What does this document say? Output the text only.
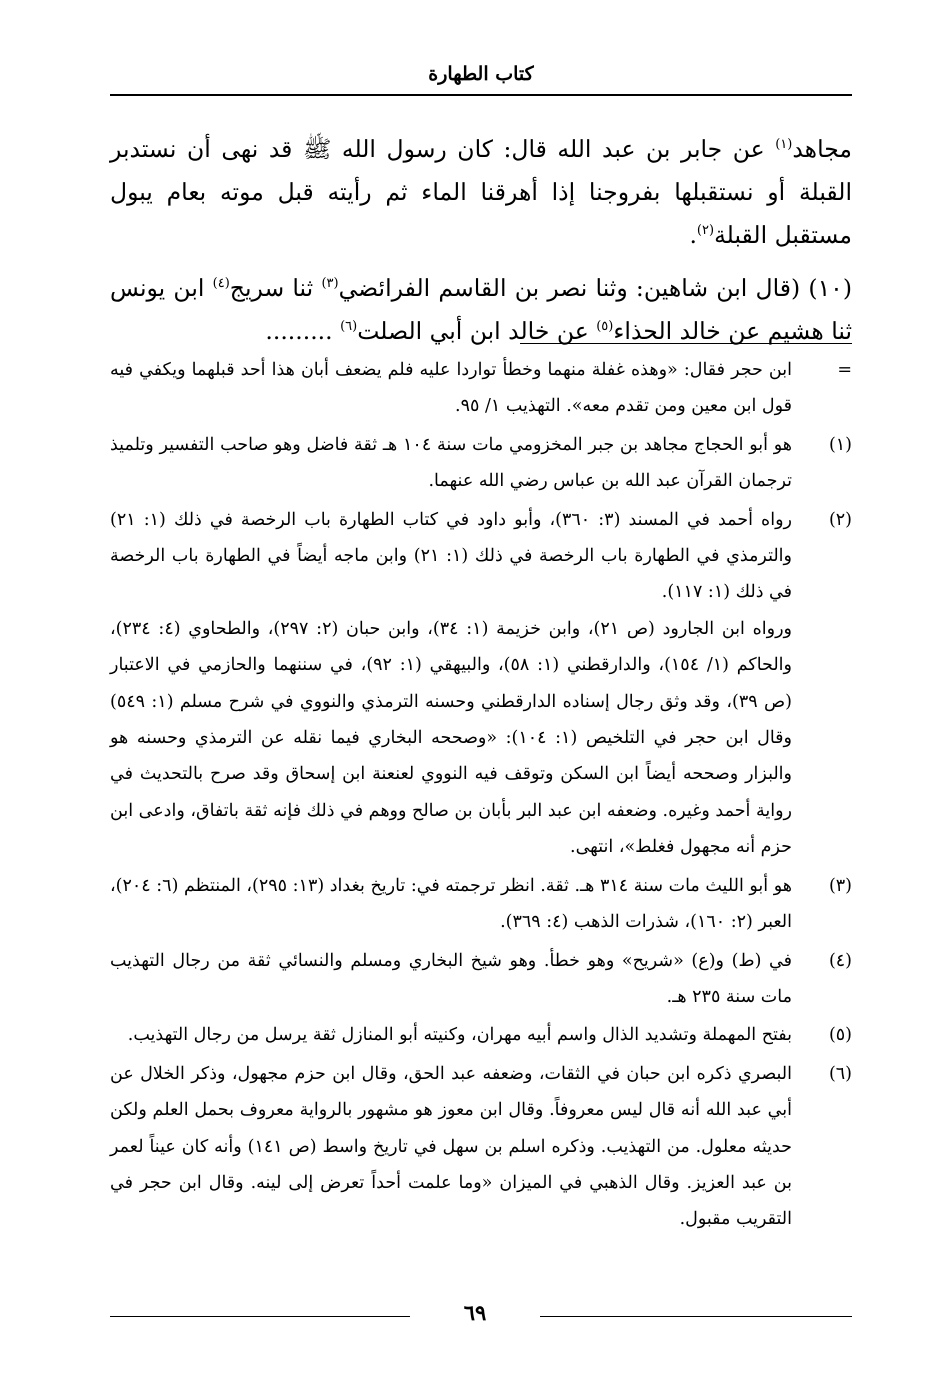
كتاب الطهارة

مجاهد$^{(١)}$ عن جابر بن عبد الله قال: كان رسول الله ﷺ قد نهى أن نستدبر القبلة أو نستقبلها بفروجنا إذا أهرقنا الماء ثم رأيته قبل موته بعام يبول مستقبل القبلة$^{(٢)}$.

(١٠) (قال ابن شاهين: وثنا نصر بن القاسم الفرائضي$^{(٣)}$ ثنا سريج$^{(٤)}$ ابن يونس ثنا هشيم عن خالد الحذاء$^{(٥)}$ عن خالد ابن أبي الصلت$^{(٦)}$ .........

=

ابن حجر فقال: «وهذه غفلة منهما وخطأ تواردا عليه فلم يضعف أبان هذا أحد قبلهما ويكفي فيه قول ابن معين ومن تقدم معه». التهذيب ١/ ٩٥.

(١)

هو أبو الحجاج مجاهد بن جبر المخزومي مات سنة ١٠٤ هـ ثقة فاضل وهو صاحب التفسير وتلميذ ترجمان القرآن عبد الله بن عباس رضي الله عنهما.

(٢)

رواه أحمد في المسند (٣: ٣٦٠)، وأبو داود في كتاب الطهارة باب الرخصة في ذلك (١: ٢١) والترمذي في الطهارة باب الرخصة في ذلك (١: ٢١) وابن ماجه أيضاً في الطهارة باب الرخصة في ذلك (١: ١١٧).

ورواه ابن الجارود (ص ٢١)، وابن خزيمة (١: ٣٤)، وابن حبان (٢: ٢٩٧)، والطحاوي (٤: ٢٣٤)، والحاكم (١/ ١٥٤)، والدارقطني (١: ٥٨)، والبيهقي (١: ٩٢)، في سننهما والحازمي في الاعتبار (ص ٣٩)، وقد وثق رجال إسناده الدارقطني وحسنه الترمذي والنووي في شرح مسلم (١: ٥٤٩) وقال ابن حجر في التلخيص (١: ١٠٤): «وصححه البخاري فيما نقله عن الترمذي وحسنه هو والبزار وصححه أيضاً ابن السكن وتوقف فيه النووي لعنعنة ابن إسحاق وقد صرح بالتحديث في رواية أحمد وغيره. وضعفه ابن عبد البر بأبان بن صالح ووهم في ذلك فإنه ثقة باتفاق، وادعى ابن حزم أنه مجهول فغلط»، انتهى.

(٣)

هو أبو الليث مات سنة ٣١٤ هـ. ثقة. انظر ترجمته في: تاريخ بغداد (١٣: ٢٩٥)، المنتظم (٦: ٢٠٤)، العبر (٢: ١٦٠)، شذرات الذهب (٤: ٣٦٩).

(٤)

في (ط) و(ع) «شريح» وهو خطأ. وهو شيخ البخاري ومسلم والنسائي ثقة من رجال التهذيب مات سنة ٢٣٥ هـ.

(٥)

بفتح المهملة وتشديد الذال واسم أبيه مهران، وكنيته أبو المنازل ثقة يرسل من رجال التهذيب.

(٦)

البصري ذكره ابن حبان في الثقات، وضعفه عبد الحق، وقال ابن حزم مجهول، وذكر الخلال عن أبي عبد الله أنه قال ليس معروفاً. وقال ابن معوز هو مشهور بالرواية معروف بحمل العلم ولكن حديثه معلول. من التهذيب. وذكره اسلم بن سهل في تاريخ واسط (ص ١٤١) وأنه كان عيناً لعمر بن عبد العزيز. وقال الذهبي في الميزان «وما علمت أحداً تعرض إلى لينه. وقال ابن حجر في التقريب مقبول.

٦٩
